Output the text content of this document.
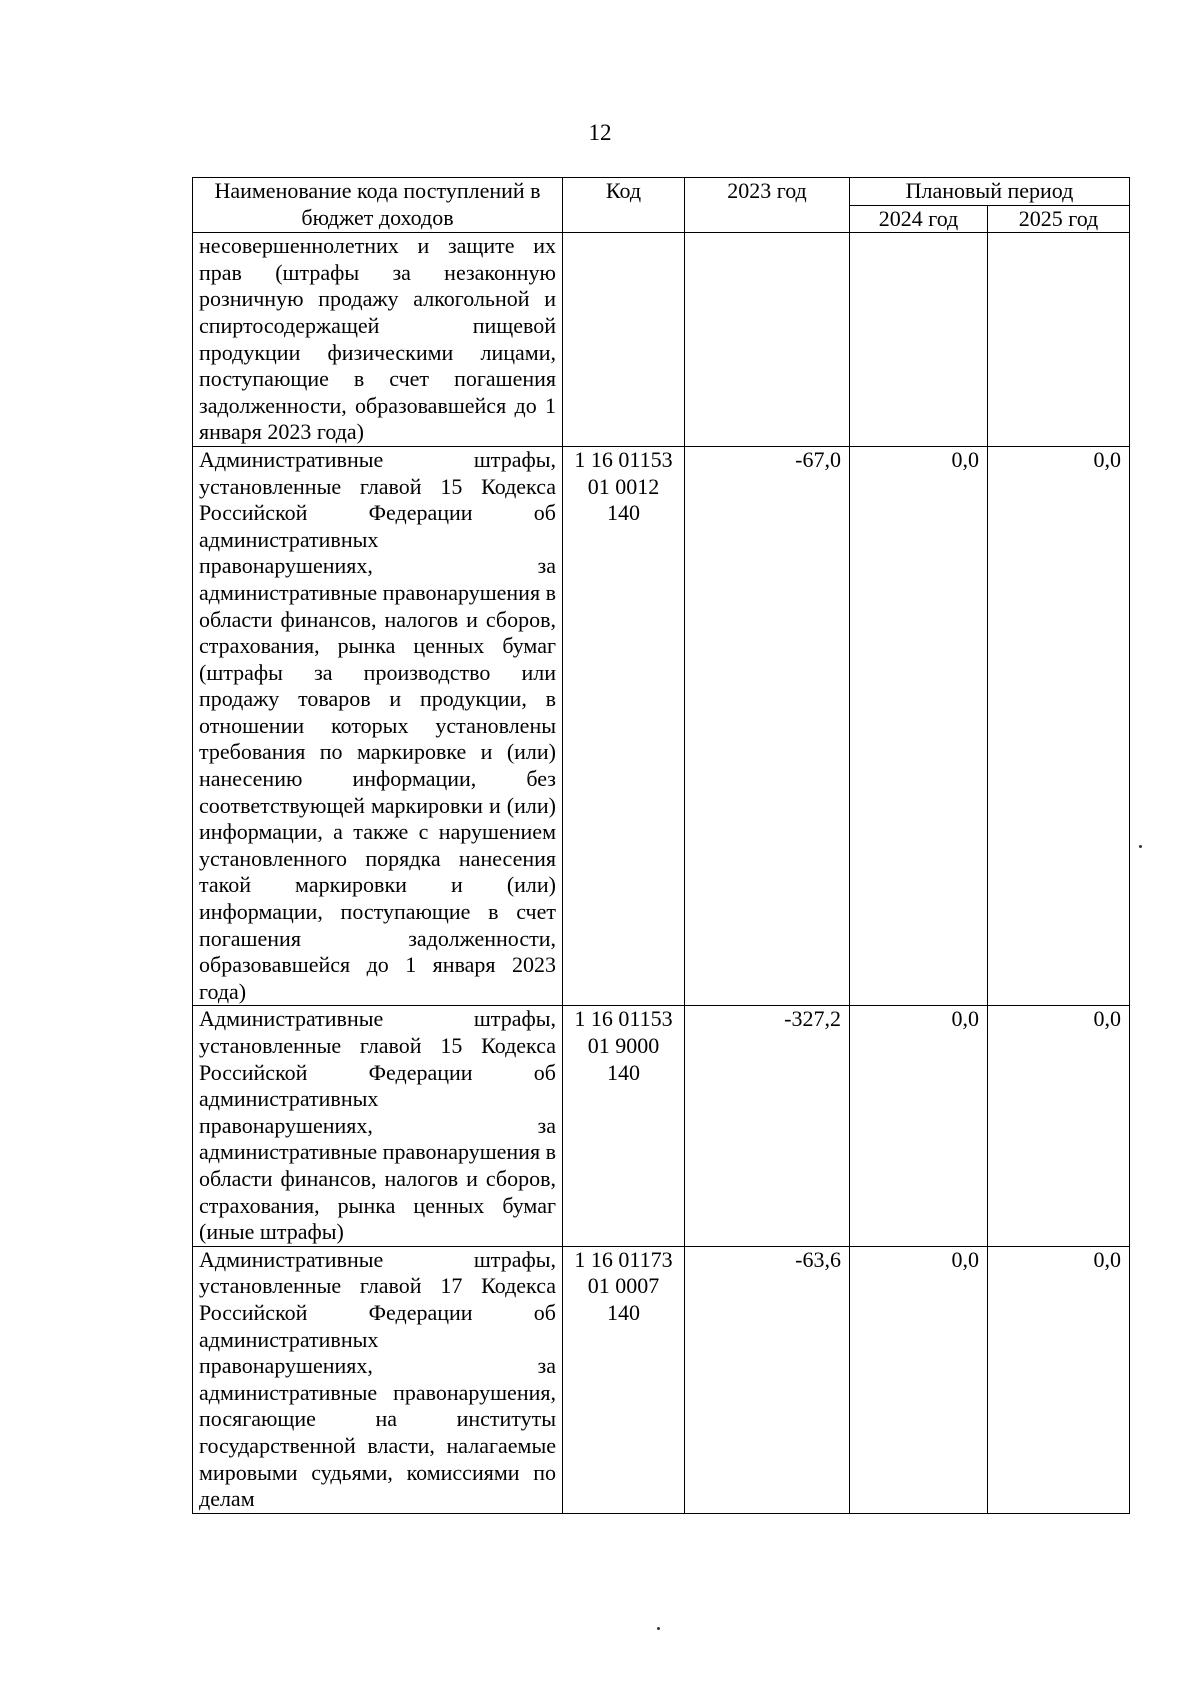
12
Наименование кода поступлений в бюджет доходов	Код	2023 год	Плановый период	
			2024 год	2025 год
несовершеннолетних и защите их прав (штрафы за незаконную розничную продажу алкогольной и спиртосодержащей пищевой продукции физическими лицами, поступающие в счет погашения задолженности, образовавшейся до 1 января 2023 года)				
Административные штрафы, установленные главой 15 Кодекса Российской Федерации об административных правонарушениях, за административные правонарушения в области финансов, налогов и сборов, страхования, рынка ценных бумаг (штрафы за производство или продажу товаров и продукции, в отношении которых установлены требования по маркировке и (или) нанесению информации, без соответствующей маркировки и (или) информации, а также с нарушением установленного порядка нанесения такой маркировки и (или) информации, поступающие в счет погашения задолженности, образовавшейся до 1 января 2023 года)	1 16 01153 01 0012 140	-67,0	0,0	0,0
Административные штрафы, установленные главой 15 Кодекса Российской Федерации об административных правонарушениях, за административные правонарушения в области финансов, налогов и сборов, страхования, рынка ценных бумаг (иные штрафы)	1 16 01153 01 9000 140	-327,2	0,0	0,0
Административные штрафы, установленные главой 17 Кодекса Российской Федерации об административных правонарушениях, за административные правонарушения, посягающие на институты государственной власти, налагаемые мировыми судьями, комиссиями по делам	1 16 01173 01 0007 140	-63,6	0,0	0,0
